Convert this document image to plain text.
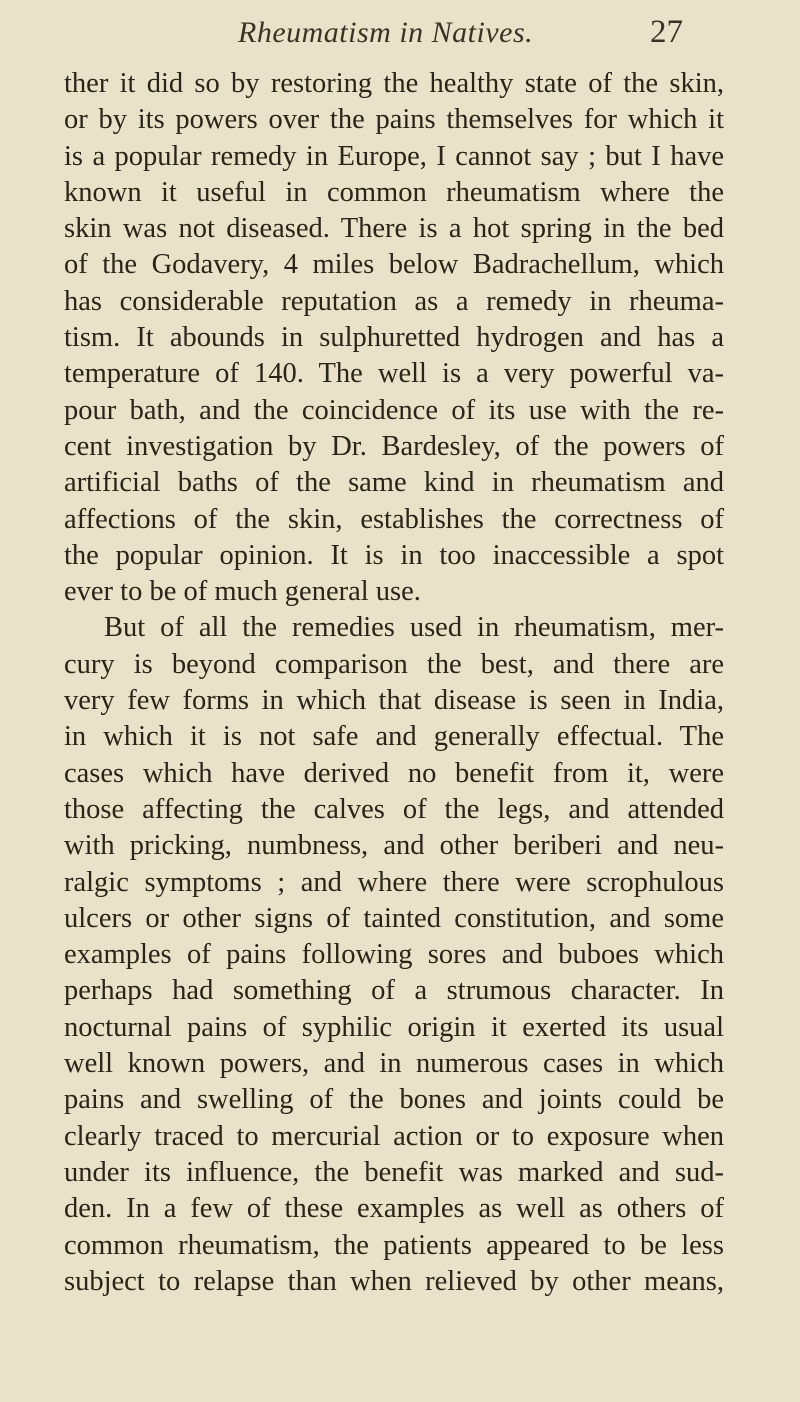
Rheumatism in Natives.	27
ther it did so by restoring the healthy state of the skin,
or by its powers over the pains themselves for which it
is a popular remedy in Europe, I cannot say ; but I have
known it useful in common rheumatism where the
skin was not diseased. There is a hot spring in the bed
of the Godavery, 4 miles below Badrachellum, which
has considerable reputation as a remedy in rheuma-
tism. It abounds in sulphuretted hydrogen and has a
temperature of 140. The well is a very powerful va-
pour bath, and the coincidence of its use with the re-
cent investigation by Dr. Bardesley, of the powers of
artificial baths of the same kind in rheumatism and
affections of the skin, establishes the correctness of
the popular opinion. It is in too inaccessible a spot
ever to be of much general use.
But of all the remedies used in rheumatism, mer-
cury is beyond comparison the best, and there are
very few forms in which that disease is seen in India,
in which it is not safe and generally effectual. The
cases which have derived no benefit from it, were
those affecting the calves of the legs, and attended
with pricking, numbness, and other beriberi and neu-
ralgic symptoms ; and where there were scrophulous
ulcers or other signs of tainted constitution, and some
examples of pains following sores and buboes which
perhaps had something of a strumous character. In
nocturnal pains of syphilic origin it exerted its usual
well known powers, and in numerous cases in which
pains and swelling of the bones and joints could be
clearly traced to mercurial action or to exposure when
under its influence, the benefit was marked and sud-
den. In a few of these examples as well as others of
common rheumatism, the patients appeared to be less
subject to relapse than when relieved by other means,
